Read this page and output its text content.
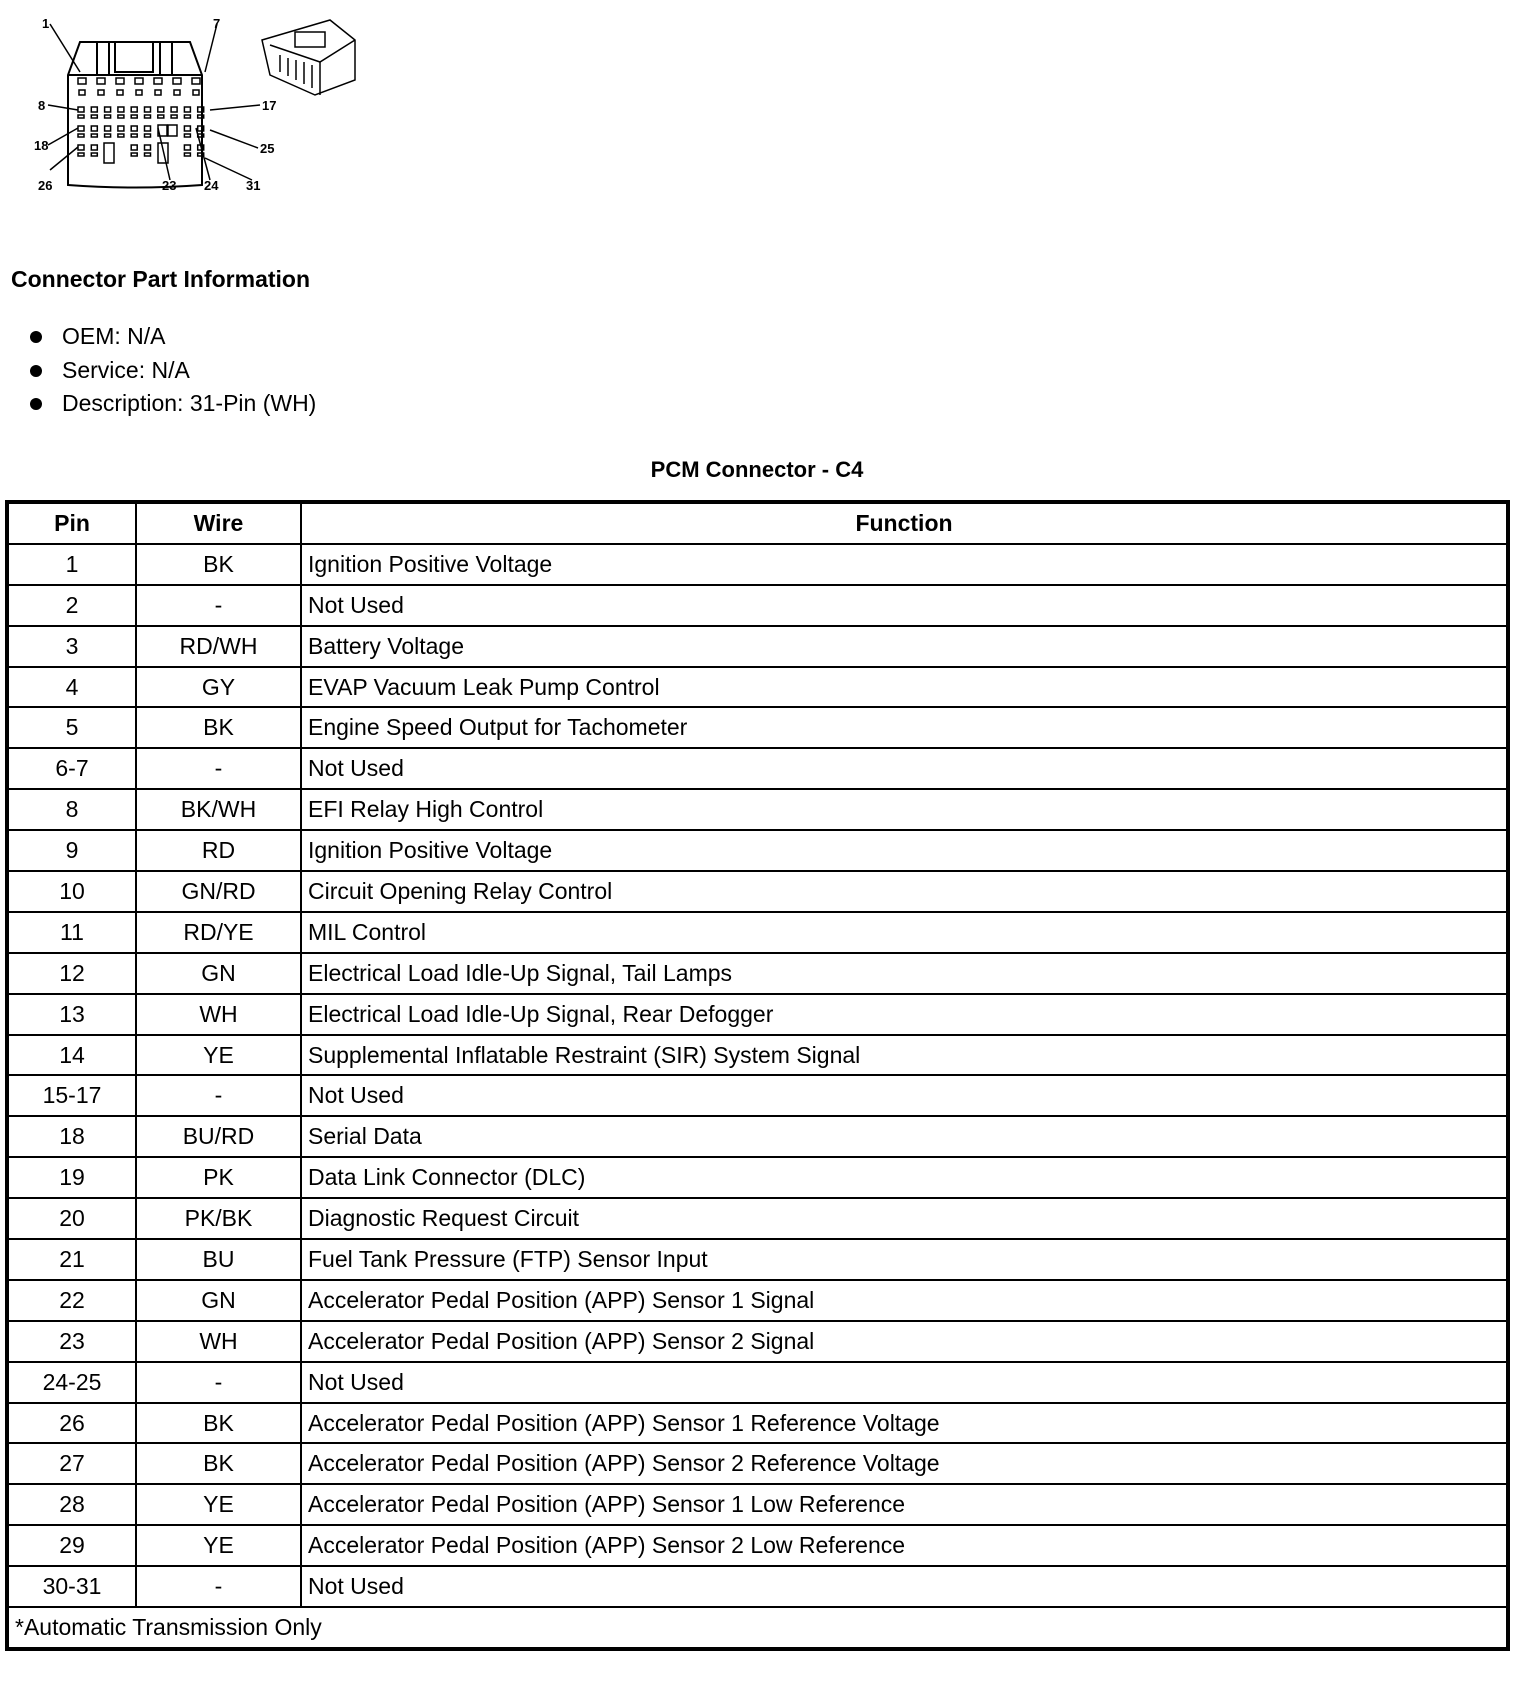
1	7
8	17
18	25
26	23 24 31
Connector Part Information
OEM: N/A
Service: N/A
Description: 31-Pin (WH)
PCM Connector - C4
Pin	Wire	Function
1	BK	Ignition Positive Voltage
2	-	Not Used
3	RD/WH	Battery Voltage
4	GY	EVAP Vacuum Leak Pump Control
5	BK	Engine Speed Output for Tachometer
6-7	-	Not Used
8	BK/WH	EFI Relay High Control
9	RD	Ignition Positive Voltage
10	GN/RD	Circuit Opening Relay Control
11	RD/YE	MIL Control
12	GN	Electrical Load Idle-Up Signal, Tail Lamps
13	WH	Electrical Load Idle-Up Signal, Rear Defogger
14	YE	Supplemental Inflatable Restraint (SIR) System Signal
15-17	-	Not Used
18	BU/RD	Serial Data
19	PK	Data Link Connector (DLC)
20	PK/BK	Diagnostic Request Circuit
21	BU	Fuel Tank Pressure (FTP) Sensor Input
22	GN	Accelerator Pedal Position (APP) Sensor 1 Signal
23	WH	Accelerator Pedal Position (APP) Sensor 2 Signal
24-25	-	Not Used
26	BK	Accelerator Pedal Position (APP) Sensor 1 Reference Voltage
27	BK	Accelerator Pedal Position (APP) Sensor 2 Reference Voltage
28	YE	Accelerator Pedal Position (APP) Sensor 1 Low Reference
29	YE	Accelerator Pedal Position (APP) Sensor 2 Low Reference
30-31	-	Not Used
*Automatic Transmission Only		
